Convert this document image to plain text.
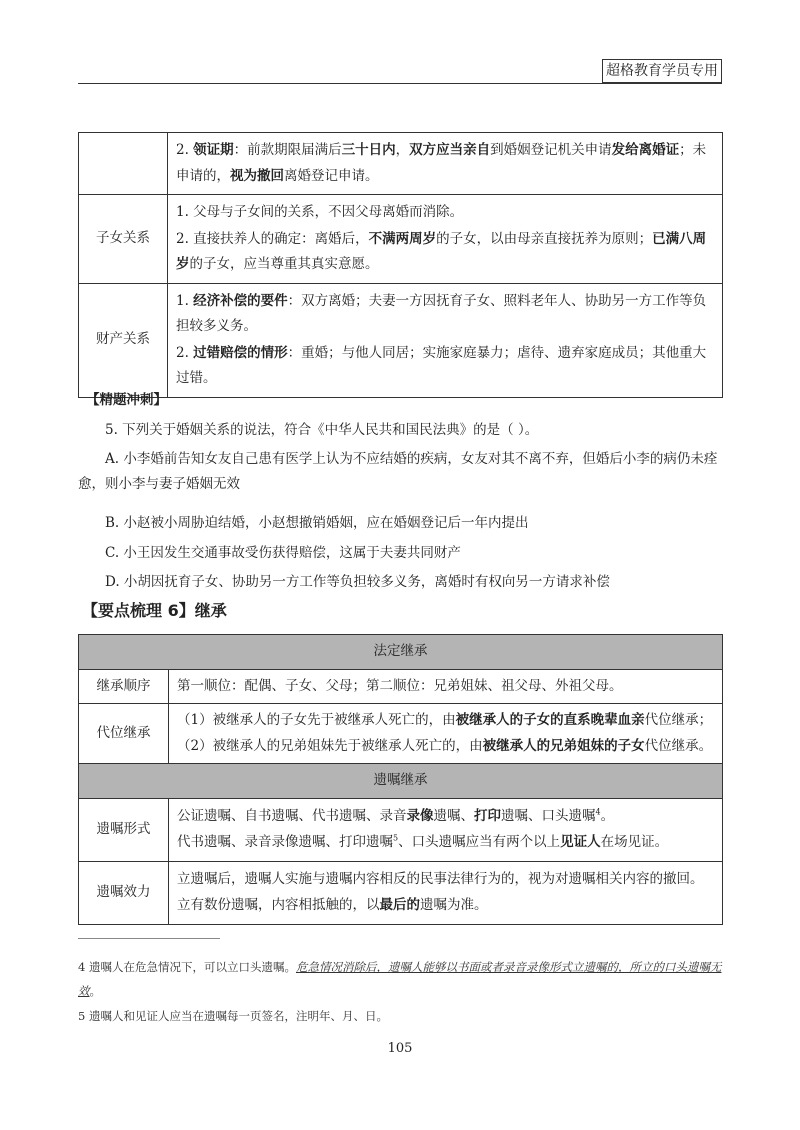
超格教育学员专用

	2. 领证期：前款期限届满后三十日内，双方应当亲自到婚姻登记机关申请发给离婚证；未申请的，视为撤回离婚登记申请。

子女关系	1. 父母与子女间的关系，不因父母离婚而消除。

2. 直接扶养人的确定：离婚后，不满两周岁的子女，以由母亲直接抚养为原则；已满八周岁的子女，应当尊重其真实意愿。

财产关系	1. 经济补偿的要件：双方离婚；夫妻一方因抚育子女、照料老年人、协助另一方工作等负担较多义务。

2. 过错赔偿的情形：重婚；与他人同居；实施家庭暴力；虐待、遗弃家庭成员；其他重大过错。

【精题冲刺】
5. 下列关于婚姻关系的说法，符合《中华人民共和国民法典》的是（ ）。
A. 小李婚前告知女友自己患有医学上认为不应结婚的疾病，女友对其不离不弃，但婚后小李的病仍未痊愈，则小李与妻子婚姻无效
B. 小赵被小周胁迫结婚，小赵想撤销婚姻，应在婚姻登记后一年内提出
C. 小王因发生交通事故受伤获得赔偿，这属于夫妻共同财产
D. 小胡因抚育子女、协助另一方工作等负担较多义务，离婚时有权向另一方请求补偿
【要点梳理 6】继承
法定继承	
继承顺序	第一顺位：配偶、子女、父母；第二顺位：兄弟姐妹、祖父母、外祖父母。
代位继承	（1）被继承人的子女先于被继承人死亡的，由被继承人的子女的直系晚辈血亲代位继承；（2）被继承人的兄弟姐妹先于被继承人死亡的，由被继承人的兄弟姐妹的子女代位继承。
遗嘱继承	
遗嘱形式	公证遗嘱、自书遗嘱、代书遗嘱、录音录像遗嘱、打印遗嘱、口头遗嘱$^4$。

代书遗嘱、录音录像遗嘱、打印遗嘱$^5$、口头遗嘱应当有两个以上见证人在场见证。

遗嘱效力	立遗嘱后，遗嘱人实施与遗嘱内容相反的民事法律行为的，视为对遗嘱相关内容的撤回。

立有数份遗嘱，内容相抵触的，以最后的遗嘱为准。

4 遗嘱人在危急情况下，可以立口头遗嘱。危急情况消除后，遗嘱人能够以书面或者录音录像形式立遗嘱的，所立的口头遗嘱无效。
5 遗嘱人和见证人应当在遗嘱每一页签名，注明年、月、日。
105
